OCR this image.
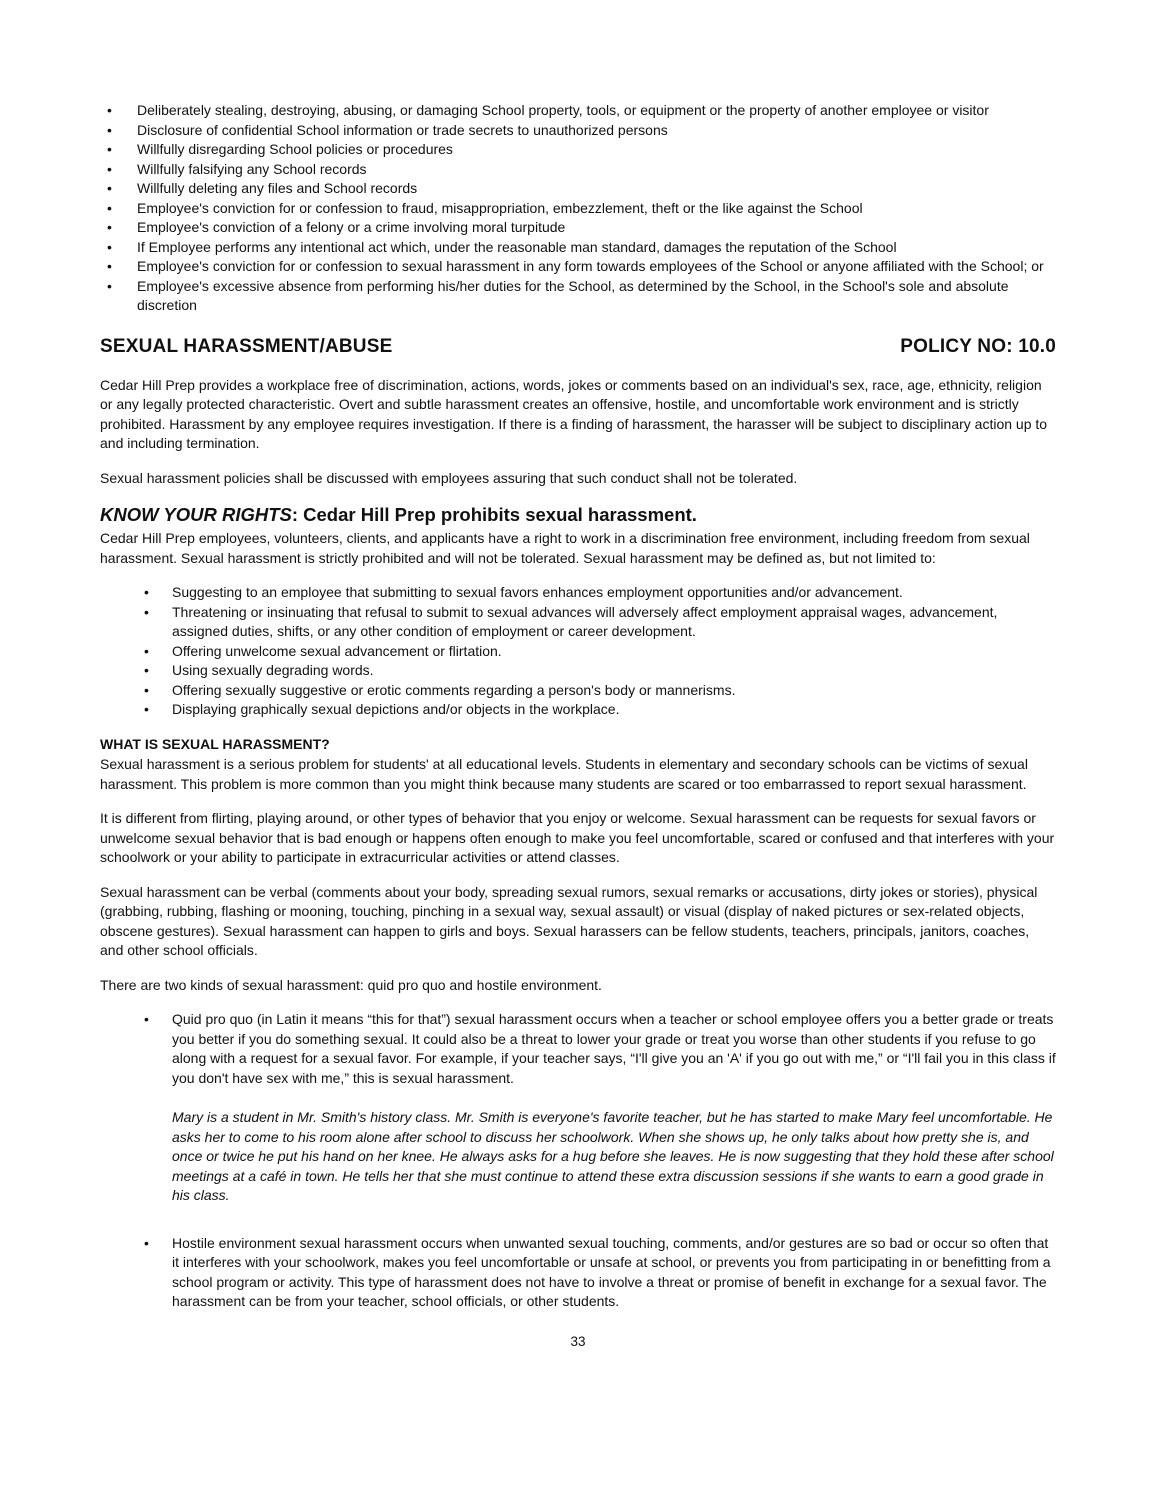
• Deliberately stealing, destroying, abusing, or damaging School property, tools, or equipment or the property of another employee or visitor
• Disclosure of confidential School information or trade secrets to unauthorized persons
• Willfully disregarding School policies or procedures
• Willfully falsifying any School records
• Willfully deleting any files and School records
• Employee's conviction for or confession to fraud, misappropriation, embezzlement, theft or the like against the School
• Employee's conviction of a felony or a crime involving moral turpitude
• If Employee performs any intentional act which, under the reasonable man standard, damages the reputation of the School
• Employee's conviction for or confession to sexual harassment in any form towards employees of the School or anyone affiliated with the School; or
• Employee's excessive absence from performing his/her duties for the School, as determined by the School, in the School's sole and absolute discretion
SEXUAL HARASSMENT/ABUSE	POLICY NO: 10.0

Cedar Hill Prep provides a workplace free of discrimination, actions, words, jokes or comments based on an individual's sex, race, age, ethnicity, religion or any legally protected characteristic. Overt and subtle harassment creates an offensive, hostile, and uncomfortable work environment and is strictly prohibited. Harassment by any employee requires investigation. If there is a finding of harassment, the harasser will be subject to disciplinary action up to and including termination.

Sexual harassment policies shall be discussed with employees assuring that such conduct shall not be tolerated.

KNOW YOUR RIGHTS: Cedar Hill Prep prohibits sexual harassment.

Cedar Hill Prep employees, volunteers, clients, and applicants have a right to work in a discrimination free environment, including freedom from sexual harassment. Sexual harassment is strictly prohibited and will not be tolerated. Sexual harassment may be defined as, but not limited to:

• Suggesting to an employee that submitting to sexual favors enhances employment opportunities and/or advancement.
• Threatening or insinuating that refusal to submit to sexual advances will adversely affect employment appraisal wages, advancement, assigned duties, shifts, or any other condition of employment or career development.
• Offering unwelcome sexual advancement or flirtation.
• Using sexually degrading words.
• Offering sexually suggestive or erotic comments regarding a person's body or mannerisms.
• Displaying graphically sexual depictions and/or objects in the workplace.
WHAT IS SEXUAL HARASSMENT?

Sexual harassment is a serious problem for students' at all educational levels. Students in elementary and secondary schools can be victims of sexual harassment. This problem is more common than you might think because many students are scared or too embarrassed to report sexual harassment.

It is different from flirting, playing around, or other types of behavior that you enjoy or welcome. Sexual harassment can be requests for sexual favors or unwelcome sexual behavior that is bad enough or happens often enough to make you feel uncomfortable, scared or confused and that interferes with your schoolwork or your ability to participate in extracurricular activities or attend classes.

Sexual harassment can be verbal (comments about your body, spreading sexual rumors, sexual remarks or accusations, dirty jokes or stories), physical (grabbing, rubbing, flashing or mooning, touching, pinching in a sexual way, sexual assault) or visual (display of naked pictures or sex-related objects, obscene gestures). Sexual harassment can happen to girls and boys. Sexual harassers can be fellow students, teachers, principals, janitors, coaches, and other school officials.

There are two kinds of sexual harassment: quid pro quo and hostile environment.

• Quid pro quo (in Latin it means “this for that”) sexual harassment occurs when a teacher or school employee offers you a better grade or treats you better if you do something sexual. It could also be a threat to lower your grade or treat you worse than other students if you refuse to go along with a request for a sexual favor. For example, if your teacher says, “I'll give you an 'A' if you go out with me,” or “I'll fail you in this class if you don't have sex with me,” this is sexual harassment.

Mary is a student in Mr. Smith's history class. Mr. Smith is everyone's favorite teacher, but he has started to make Mary feel uncomfortable. He asks her to come to his room alone after school to discuss her schoolwork. When she shows up, he only talks about how pretty she is, and once or twice he put his hand on her knee. He always asks for a hug before she leaves. He is now suggesting that they hold these after school meetings at a café in town. He tells her that she must continue to attend these extra discussion sessions if she wants to earn a good grade in his class.

• Hostile environment sexual harassment occurs when unwanted sexual touching, comments, and/or gestures are so bad or occur so often that it interferes with your schoolwork, makes you feel uncomfortable or unsafe at school, or prevents you from participating in or benefitting from a school program or activity. This type of harassment does not have to involve a threat or promise of benefit in exchange for a sexual favor. The harassment can be from your teacher, school officials, or other students.
33
